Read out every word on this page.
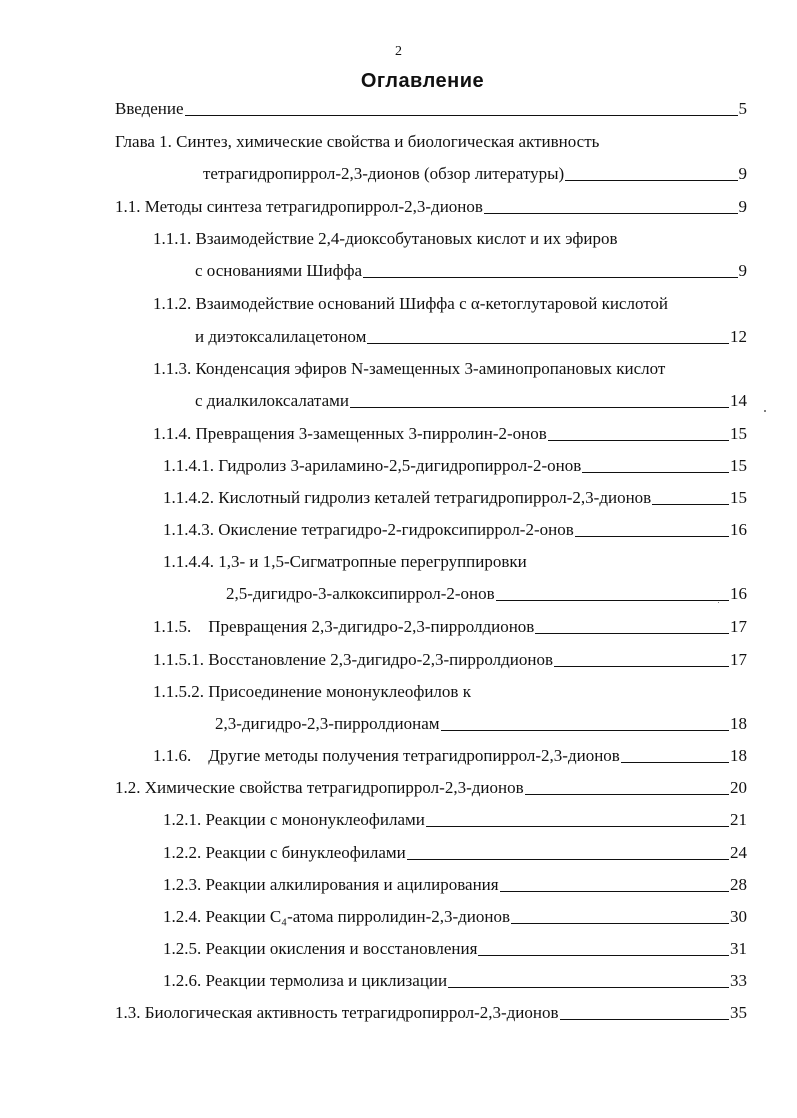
2
Оглавление
Введение	5
Глава 1. Синтез, химические свойства и биологическая активность
тетрагидропиррол-2,3-дионов (обзор литературы)	9
1.1. Методы синтеза тетрагидропиррол-2,3-дионов	9
1.1.1. Взаимодействие 2,4-диоксобутановых кислот и их эфиров
с основаниями Шиффа	9
1.1.2. Взаимодействие оснований Шиффа с α-кетоглутаровой кислотой
и диэтоксалилацетоном	12
1.1.3. Конденсация эфиров N-замещенных 3-аминопропановых кислот
с диалкилоксалатами	14
1.1.4. Превращения 3-замещенных 3-пирролин-2-онов	15
1.1.4.1. Гидролиз 3-ариламино-2,5-дигидропиррол-2-онов	15
1.1.4.2. Кислотный гидролиз кеталей тетрагидропиррол-2,3-дионов	15
1.1.4.3. Окисление тетрагидро-2-гидроксипиррол-2-онов	16
1.1.4.4. 1,3- и 1,5-Сигматропные перегруппировки
2,5-дигидро-3-алкоксипиррол-2-онов	16
1.1.5.    Превращения 2,3-дигидро-2,3-пирролдионов	17
1.1.5.1. Восстановление 2,3-дигидро-2,3-пирролдионов	17
1.1.5.2. Присоединение мононуклеофилов к
2,3-дигидро-2,3-пирролдионам	18
1.1.6.    Другие методы получения тетрагидропиррол-2,3-дионов	18
1.2. Химические свойства тетрагидропиррол-2,3-дионов	20
1.2.1. Реакции с мононуклеофилами	21
1.2.2. Реакции с бинуклеофилами	24
1.2.3. Реакции алкилирования и ацилирования	28
1.2.4. Реакции C₄-атома пирролидин-2,3-дионов	30
1.2.5. Реакции окисления и восстановления	31
1.2.6. Реакции термолиза и циклизации	33
1.3. Биологическая активность тетрагидропиррол-2,3-дионов	35
